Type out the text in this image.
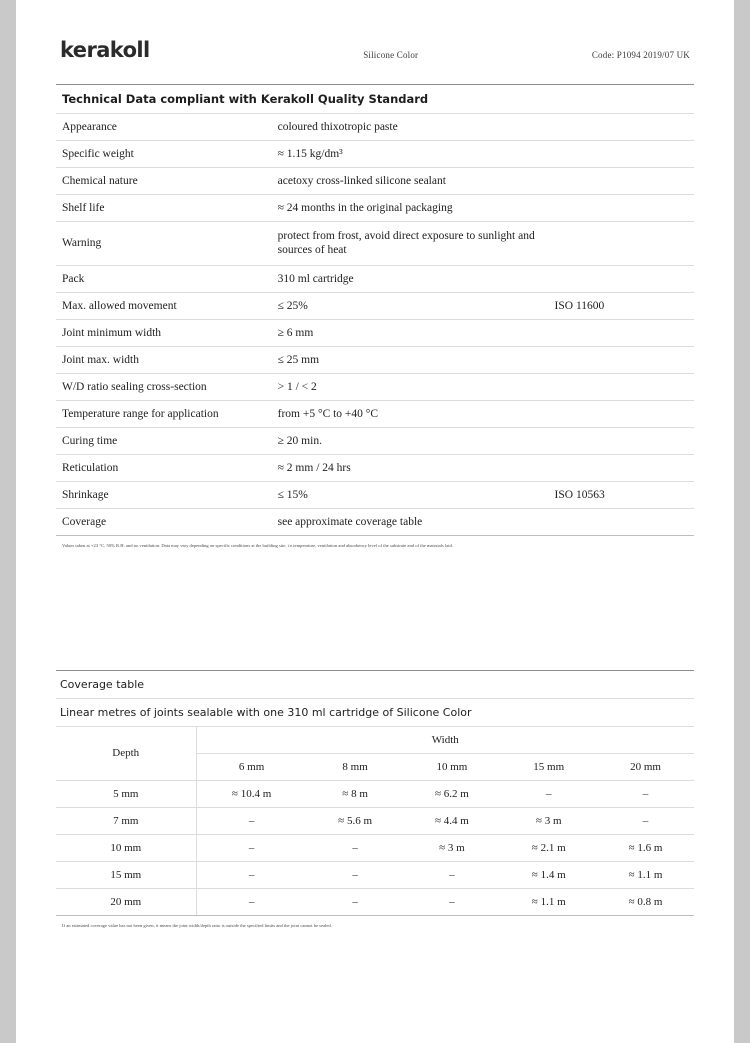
kerakoll	Silicone Color	Code: P1094 2019/07 UK
Technical Data compliant with Kerakoll Quality Standard		
Appearance	coloured thixotropic paste	
Specific weight	≈ 1.15 kg/dm³	
Chemical nature	acetoxy cross-linked silicone sealant	
Shelf life	≈ 24 months in the original packaging	
Warning	protect from frost, avoid direct exposure to sunlight and sources of heat	
Pack	310 ml cartridge	
Max. allowed movement	≤ 25%	ISO 11600
Joint minimum width	≥ 6 mm	
Joint max. width	≤ 25 mm	
W/D ratio sealing cross-section	> 1 / < 2	
Temperature range for application	from +5 °C to +40 °C	
Curing time	≥ 20 min.	
Reticulation	≈ 2 mm / 24 hrs	
Shrinkage	≤ 15%	ISO 10563
Coverage	see approximate coverage table	
Values taken at +23 °C, 50% R.H. and no ventilation. Data may vary depending on specific conditions at the building site, i.e.temperature, ventilation and absorbency level of the substrate and of the materials laid.
Coverage table					
Linear metres of joints sealable with one 310 ml cartridge of Silicone Color					
Depth	Width				
	6 mm	8 mm	10 mm	15 mm	20 mm
5 mm	≈ 10.4 m	≈ 8 m	≈ 6.2 m	–	–
7 mm	–	≈ 5.6 m	≈ 4.4 m	≈ 3 m	–
10 mm	–	–	≈ 3 m	≈ 2.1 m	≈ 1.6 m
15 mm	–	–	–	≈ 1.4 m	≈ 1.1 m
20 mm	–	–	–	≈ 1.1 m	≈ 0.8 m
If an estimated coverage value has not been given, it means the joint width/depth ratio is outside the specified limits and the joint cannot be sealed.
